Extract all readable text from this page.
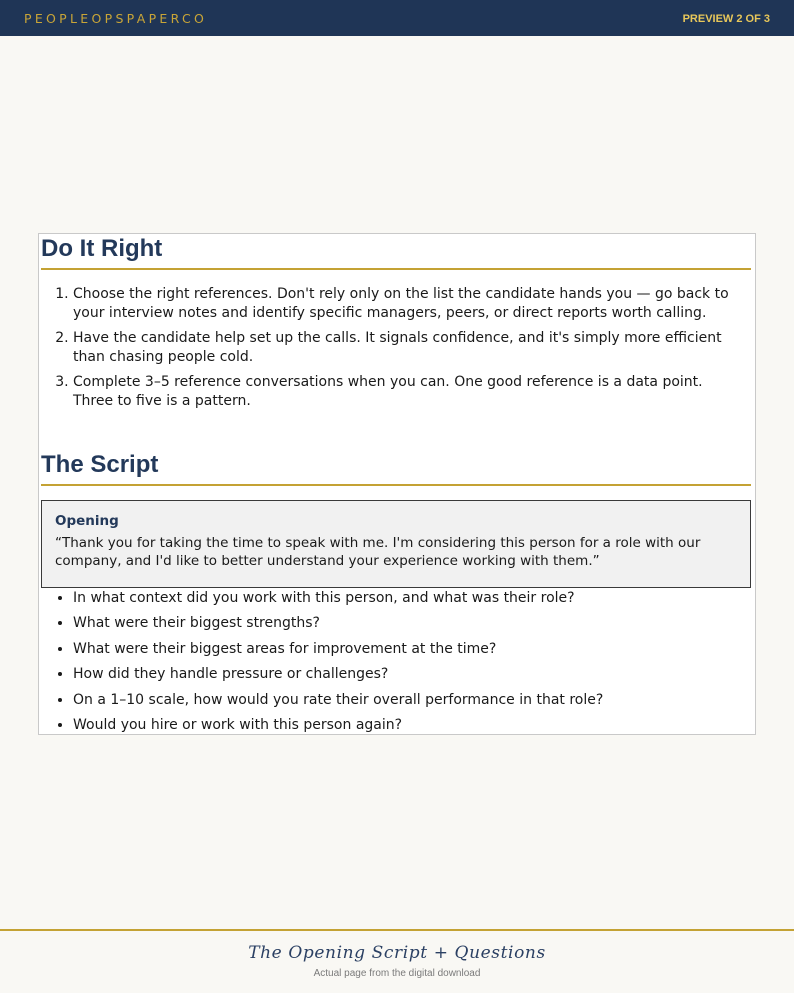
PEOPLEOPSPAPERCO	PREVIEW 2 OF 3
Do It Right
1. Choose the right references. Don't rely only on the list the candidate hands you — go back to your interview notes and identify specific managers, peers, or direct reports worth calling.
2. Have the candidate help set up the calls. It signals confidence, and it's simply more efficient than chasing people cold.
3. Complete 3–5 reference conversations when you can. One good reference is a data point. Three to five is a pattern.
The Script

Opening

“Thank you for taking the time to speak with me. I'm considering this person for a role with our company, and I'd like to better understand your experience working with them.”

• In what context did you work with this person, and what was their role?
• What were their biggest strengths?
• What were their biggest areas for improvement at the time?
• How did they handle pressure or challenges?
• On a 1–10 scale, how would you rate their overall performance in that role?
• Would you hire or work with this person again?
The Opening Script + Questions
Actual page from the digital download
